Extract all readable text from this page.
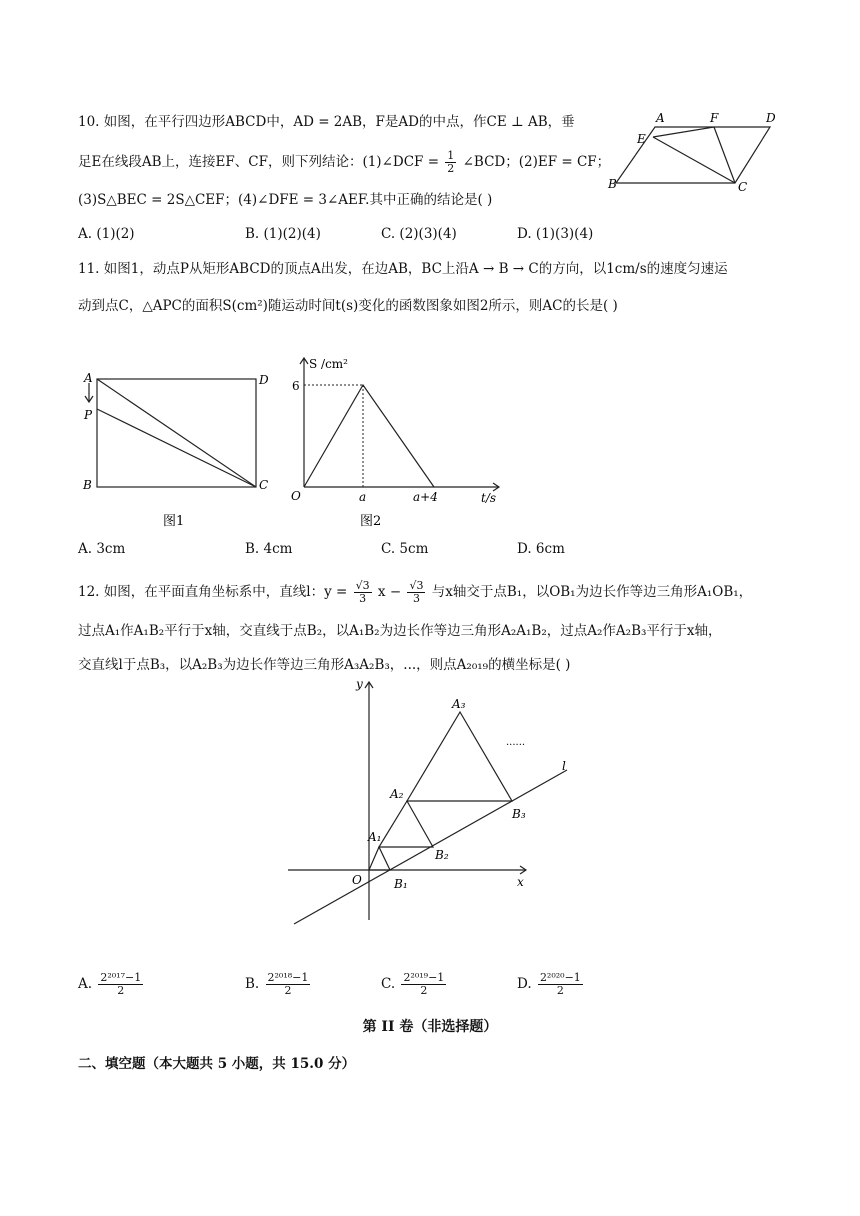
10. 如图，在平行四边形ABCD中，AD = 2AB，F是AD的中点，作CE ⊥ AB，垂
足E在线段AB上，连接EF、CF，则下列结论：(1)∠DCF = $\frac{1}{2}$ ∠BCD；(2)EF = CF；
(3)S△BEC = 2S△CEF；(4)∠DFE = 3∠AEF.其中正确的结论是( )
A. (1)(2)	B. (1)(2)(4)	C. (2)(3)(4)	D. (1)(3)(4)
A	F	D
E
B	C
11. 如图1，动点P从矩形ABCD的顶点A出发，在边AB，BC上沿A → B → C的方向，以1cm/s的速度匀速运
动到点C，△APC的面积S(cm²)随运动时间t(s)变化的函数图象如图2所示，则AC的长是( )
A
P
B	C
D
图1
S /cm²
6
O	a	a+4	t/s
图2
A. 3cm	B. 4cm	C. 5cm	D. 6cm
12. 如图，在平面直角坐标系中，直线l：$y = \frac{√3}{3}$ $x - \frac{√3}{3}$ 与x轴交于点B₁，以OB₁为边长作等边三角形A₁OB₁，
过点A₁作A₁B₂平行于x轴，交直线于点B₂，以A₁B₂为边长作等边三角形A₂A₁B₂，过点A₂作A₂B₃平行于x轴，
交直线l于点B₃，以A₂B₃为边长作等边三角形A₃A₂B₃，...，则点A₂₀₁₉的横坐标是( )
y
x
O
l
A₁
A₂
A₃
B₁
B₂
B₃
......
A. $\frac{\text{2²⁰¹⁷−1}}{2}$	B. $\frac{\text{2²⁰¹⁸−1}}{2}$	C. $\frac{\text{2²⁰¹⁹−1}}{2}$	D. $\frac{\text{2²⁰²⁰−1}}{2}$
第 II 卷（非选择题）
二、填空题（本大题共 5 小题，共 15.0 分）
